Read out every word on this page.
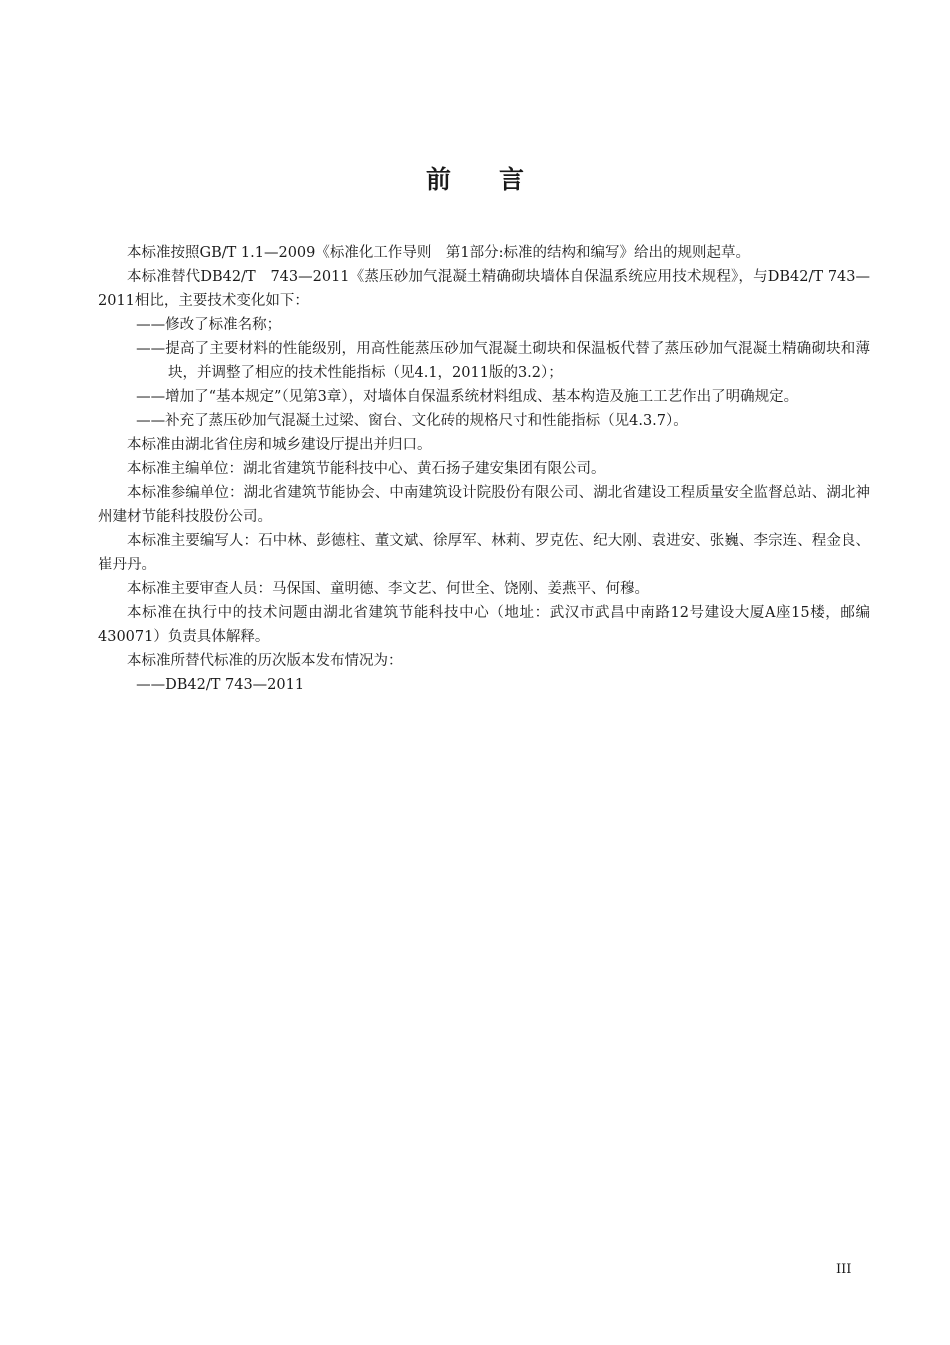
前言

本标准按照GB/T 1.1—2009《标准化工作导则　第1部分:标准的结构和编写》给出的规则起草。

本标准替代DB42/T　743—2011《蒸压砂加气混凝土精确砌块墙体自保温系统应用技术规程》，与DB42/T 743—2011相比，主要技术变化如下：

——修改了标准名称；

——提高了主要材料的性能级别，用高性能蒸压砂加气混凝土砌块和保温板代替了蒸压砂加气混凝土精确砌块和薄块，并调整了相应的技术性能指标（见4.1，2011版的3.2）；

——增加了“基本规定”（见第3章），对墙体自保温系统材料组成、基本构造及施工工艺作出了明确规定。

——补充了蒸压砂加气混凝土过梁、窗台、文化砖的规格尺寸和性能指标（见4.3.7）。

本标准由湖北省住房和城乡建设厅提出并归口。

本标准主编单位：湖北省建筑节能科技中心、黄石扬子建安集团有限公司。

本标准参编单位：湖北省建筑节能协会、中南建筑设计院股份有限公司、湖北省建设工程质量安全监督总站、湖北神州建材节能科技股份公司。

本标准主要编写人：石中林、彭德柱、董文斌、徐厚军、林莉、罗克佐、纪大刚、袁进安、张巍、李宗连、程金良、崔丹丹。

本标准主要审查人员：马保国、童明德、李文艺、何世全、饶刚、姜燕平、何穆。

本标准在执行中的技术问题由湖北省建筑节能科技中心（地址：武汉市武昌中南路12号建设大厦A座15楼，邮编430071）负责具体解释。

本标准所替代标准的历次版本发布情况为：

——DB42/T 743—2011

III
